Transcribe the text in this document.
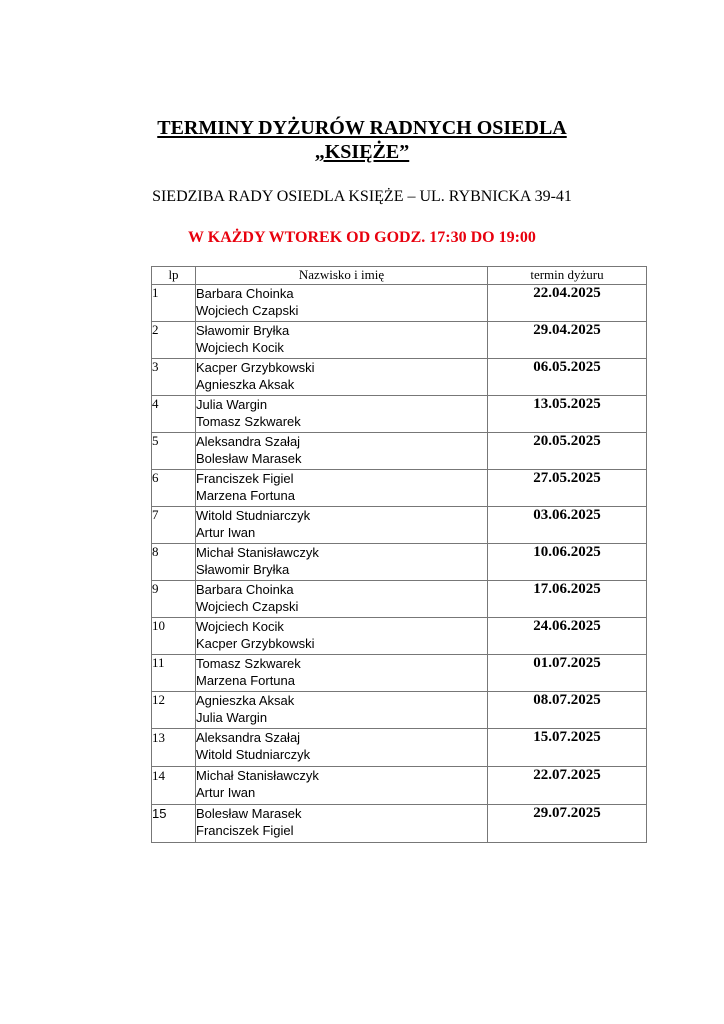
TERMINY DYŻURÓW RADNYCH OSIEDLA
„KSIĘŻE”
SIEDZIBA RADY OSIEDLA KSIĘŻE – UL. RYBNICKA 39-41
W KAŻDY WTOREK OD GODZ. 17:30 DO 19:00
lp	Nazwisko i imię	termin dyżuru
1	Barbara Choinka
Wojciech Czapski	22.04.2025
2	Sławomir Bryłka
Wojciech Kocik	29.04.2025
3	Kacper Grzybkowski
Agnieszka Aksak	06.05.2025
4	Julia Wargin
Tomasz Szkwarek	13.05.2025
5	Aleksandra Szałaj
Bolesław Marasek	20.05.2025
6	Franciszek Figiel
Marzena Fortuna	27.05.2025
7	Witold Studniarczyk
Artur Iwan	03.06.2025
8	Michał Stanisławczyk
Sławomir Bryłka	10.06.2025
9	Barbara Choinka
Wojciech Czapski	17.06.2025
10	Wojciech Kocik
Kacper Grzybkowski	24.06.2025
11	Tomasz Szkwarek
Marzena Fortuna	01.07.2025
12	Agnieszka Aksak
Julia Wargin	08.07.2025
13	Aleksandra Szałaj
Witold Studniarczyk	15.07.2025
14	Michał Stanisławczyk
Artur Iwan	22.07.2025
15	Bolesław Marasek
Franciszek Figiel	29.07.2025
